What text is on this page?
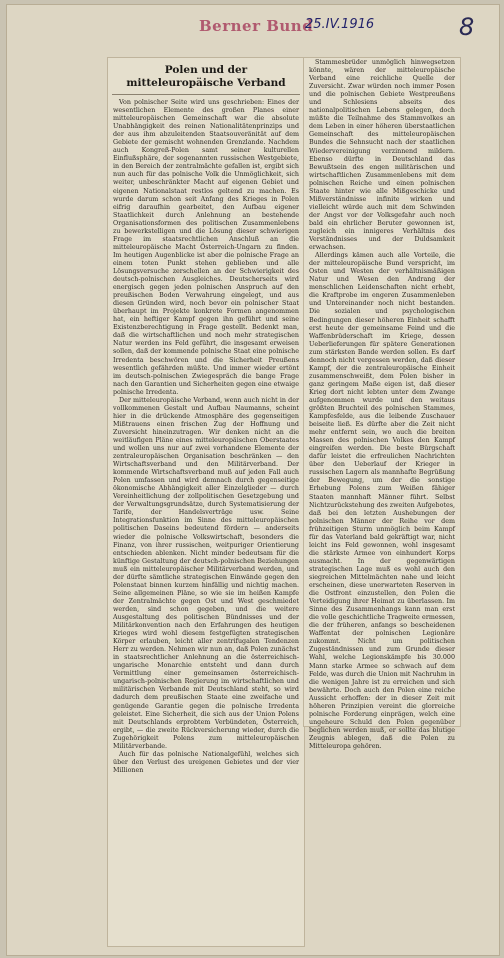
Berner Bund
25.IV.1916	8
Polen und der mitteleuropäische Verband

Von polnischer Seite wird uns geschrieben: Eines der wesentlichen Elemente des großen Planes einer mitteleuropäischen Gemeinschaft war die absolute Unabhängigkeit des reinen Nationalitätenprinzips und der aus ihm abzuleitenden Staatsouveränität auf dem Gebiete der gemischt wohnenden Grenzlande. Nachdem auch Kongreß-Polen samt seiner kulturellen Einflußsphäre, der sogenannten russischen Westgebiete, in den Bereich der zentralmächte gefallen ist, ergibt sich nun auch für das polnische Volk die Unmöglichkeit, sich weiter, unbeschränkter Macht auf eigenen Gebiet und eigenen Nationalstaat restlos geltend zu machen. Es wurde darum schon seit Anfang des Krieges in Polen eifrig daraufhin gearbeitet, den Aufbau eigener Staatlichkeit durch Anlehnung an bestehende Organisationsformen des politischen Zusammenlebens zu bewerkstelligen und die Lösung dieser schwierigen Frage im staatsrechtlichen Anschluß an die mitteleuropäische Macht Österreich-Ungarn zu finden. Im heutigen Augenblicke ist aber die polnische Frage an einem toten Punkt stehen geblieben und alle Lösungsversuche zerschellen an der Schwierigkeit des deutsch-polnischen Ausgleiches. Deutscherseits wird energisch gegen jeden polnischen Anspruch auf den preußischen Boden Verwahrung eingelegt, und aus diesen Gründen wird, noch bevor ein polnischer Staat überhaupt im Projekte konkrete Formen angenommen hat, ein heftiger Kampf gegen ihn geführt und seine Existenzberechtigung in Frage gestellt. Bedenkt man, daß die wirtschaftlichen und noch mehr strategischen Natur werden ins Feld geführt, die insgesamt erweisen sollen, daß der kommende polnische Staat eine polnische Irredenta beschwören und die Sicherheit Preußens wesentlich gefährden müßte. Und immer wieder ertönt im deutsch-polnischen Zwiegespräch die bange Frage nach den Garantien und Sicherheiten gegen eine etwaige polnische Irredenta.

Der mitteleuropäische Verband, wenn auch nicht in der vollkommenen Gestalt und Aufbau Naumanns, scheint hier in die drückende Atmosphäre des gegenseitigen Mißtrauens einen frischen Zug der Hoffnung und Zuversicht hineinzutragen. Wir denken nicht an die weitläufigen Pläne eines mitteleuropäischen Oberstaates und wollen uns nur auf zwei vorhandene Elemente der zentraleuropäischen Organisation beschränken — den Wirtschaftsverband und den Militärverband. Der kommende Wirtschaftsverband muß auf jeden Fall auch Polen umfassen und wird demnach durch gegenseitige ökonomische Abhängigkeit aller Einzelglieder — durch Vereinheitlichung der zollpolitischen Gesetzgebung und der Verwaltungsgrundsätze, durch Systematisierung der Tarife, der Handelsverträge usw. Seine Integrationsfunktion im Sinne des mitteleuropäischen politischen Daseins bedeutend fördern — anderseits wieder die polnische Volkswirtschaft, besonders die Finanz, von ihrer russischen, weitpuriger Orientierung entschieden ablenken. Nicht minder bedeutsam für die künftige Gestaltung der deutsch-polnischen Beziehungen muß ein mitteleuropäischer Militärverband werden, und der dürfte sämtliche strategischen Einwände gegen den Polenstaat binnen kurzem hinfällig und nichtig machen. Seine allgemeinen Pläne, so wie sie im heißen Kampfe der Zentralmächte gegen Ost und West geschmiedet werden, sind schon gegeben, und die weitere Ausgestaltung des politischen Bündnisses und der Militärkonvention nach den Erfahrungen des heutigen Krieges wird wohl diesem festgefügten strategischen Körper erlauben, leicht aller zentrifugalen Tendenzen Herr zu werden. Nehmen wir nun an, daß Polen zunächst in staatsrechtlicher Anlehnung an die österreichisch-ungarische Monarchie entsteht und dann durch Vermittlung einer gemeinsamen österreichisch-ungarisch-polnischen Regierung im wirtschaftlichen und militärischen Verbande mit Deutschland steht, so wird dadurch dem preußischen Staate eine zweifache und genügende Garantie gegen die polnische Irredenta geleistet. Eine Sicherheit, die sich aus der Union Polens mit Deutschlands erprobtem Verbündeten, Österreich, ergibt, — die zweite Rückversicherung wieder, durch die Zugehörigkeit Polens zum mitteleuropäischen Militärverbande.

Auch für das polnische Nationalgefühl, welches sich über den Verlust des ureigenen Gebietes und der vier Millionen

Stammesbrüder unmöglich hinwegsetzen könnte, wären der mitteleuropäische Verband eine reichliche Quelle der Zuversicht. Zwar würden noch immer Posen und die polnischen Gebiete Westpreußens und Schlesiens abseits des nationalpolitischen Lebens gelegen, doch müßte die Teilnahme des Stammvolkes an dem Leben in einer höheren überstaatlichen Gemeinschaft des mitteleuropäischen Bundes die Sehnsucht nach der staatlichen Wiedervereinigung verzinnend mildern. Ebenso dürfte in Deutschland das Bewußtsein des engen militärischen und wirtschaftlichen Zusammenlebens mit dem polnischen Reiche und einen polnischen Staate hinter wie alle Mißgeschicke und Mißverständnisse infinite wirken und vielleicht würde auch mit dem Schwinden der Angst vor der Volksgefahr auch noch bald ein ehrlicher Beruter gewonnen ist, zugleich ein innigeres Verhältnis des Verständnisses und der Duldsamkeit erwachsen.

Allerdings kämen auch alle Vorteile, die der mitteleuropäische Bund verspricht, im Osten und Westen der verhältnismäßigen Natur und Wesen den Andrang der menschlichen Leidenschaften nicht erhebt, die Kraftprobe im engeren Zusammenleben und Untereinander noch nicht bestanden. Die sozialen und psychologischen Bedingungen dieser höheren Einheit schafft erst heute der gemeinsame Feind und die Waffenbrüderschaft im Kriege, dessen Ueberlieferungen für spätere Generationen zum stärksten Bande werden sollen. Es darf dennoch nicht vergessen werden, daß dieser Kampf, der die zentraleuropäische Einheit zusammenschweißt, dem Polen bisher in ganz geringem Maße eigen ist, daß dieser Krieg dort nicht lebten unter dem Zwange aufgenommen wurde und den weitaus größten Bruchteil des polnischen Stammes, Kampfesfelde, aus die leibende Zuschauer beiseite ließ. Es dürfte aber die Zeit nicht mehr entfernt sein, wo auch die breiten Massen des polnischen Volkes den Kampf eingreifen werden. Die beste Bürgschaft dafür leistet die erfreulichen Nachrichten über den Ueberlauf der Krieger in russischen Lagern als mannhafte Begrüßung der Bewegung, um der die sonstige Erhebung Polens zum Weißen fähiger Staaten mannhaft Männer führt. Selbst Nichtzurückstehung des zweiten Aufgebotes, daß bei den letzten Aushebungen der polnischen Männer der Reihe vor dem frühzeitigen Sturm unmöglich beim Kampf für das Vaterland bald gekräftigt war, nicht leicht ins Feld gewonnen, wohl insgesamt die stärkste Armee von einhundert Korps ausmacht. In der gegenwärtigen strategischen Lage muß es wohl auch den siegreichen Mittelmächten nahe und leicht erscheinen, diese unerwarteten Reserven in die Ostfront einzustellen, den Polen die Verteidigung ihrer Heimat zu überlassen. Im Sinne des Zusammenhangs kann man erst die volle geschichtliche Tragweite ermessen, die der früheren, anfangs so bescheidenen Waffentat der polnischen Legionäre zukommt. Nicht um politischen Zugeständnissen und zum Grunde dieser Wahl, welche Legionskämpfe bis 30.000 Mann starke Armee so schwach auf dem Felde, was durch die Union mit Nachruhm in die wenigen Jahre ist zu erreichen und sich bewährte. Doch auch den Polen eine reiche Aussicht erhoffen: der in dieser Zeit mit höheren Prinzipien vereint die glorreiche polnische Forderung einprägen, welch eine ungeheure Schuld den Polen gegenüber beglichen werden muß, er sollte das blutige Zeugnis ablegen, daß die Polen zu Mitteleuropa gehören.
